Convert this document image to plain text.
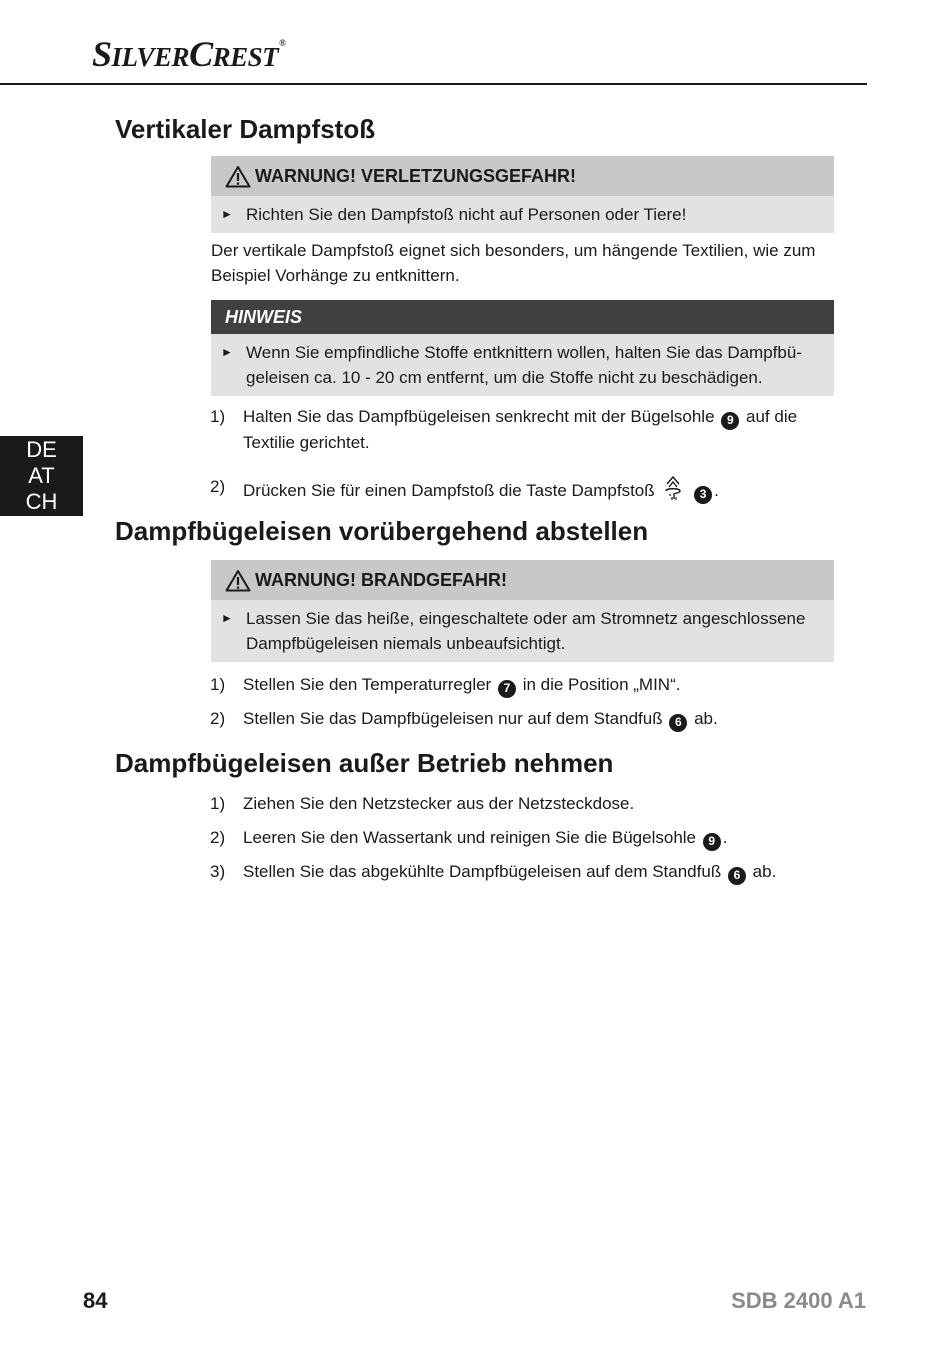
SILVERCREST®
DE
AT
CH
Vertikaler Dampfstoß
WARNUNG! VERLETZUNGSGEFAHR!
► Richten Sie den Dampfstoß nicht auf Personen oder Tiere!
Der vertikale Dampfstoß eignet sich besonders, um hängende Textilien, wie zum Beispiel Vorhänge zu entknittern.
HINWEIS
► Wenn Sie empfindliche Stoffe entknittern wollen, halten Sie das Dampfbü-geleisen ca. 10 - 20 cm entfernt, um die Stoffe nicht zu beschädigen.
1)	Halten Sie das Dampfbügeleisen senkrecht mit der Bügelsohle 9 auf die Textilie gerichtet.
2)	Drücken Sie für einen Dampfstoß die Taste Dampfstoß	3 .
Dampfbügeleisen vorübergehend abstellen
WARNUNG! BRANDGEFAHR!
► Lassen Sie das heiße, eingeschaltete oder am Stromnetz angeschlossene Dampfbügeleisen niemals unbeaufsichtigt.
1)	Stellen Sie den Temperaturregler 7 in die Position „MIN“.
2)	Stellen Sie das Dampfbügeleisen nur auf dem Standfuß 6 ab.
Dampfbügeleisen außer Betrieb nehmen
1)	Ziehen Sie den Netzstecker aus der Netzsteckdose.
2)	Leeren Sie den Wassertank und reinigen Sie die Bügelsohle 9 .
3)	Stellen Sie das abgekühlte Dampfbügeleisen auf dem Standfuß 6 ab.
84	SDB 2400 A1
